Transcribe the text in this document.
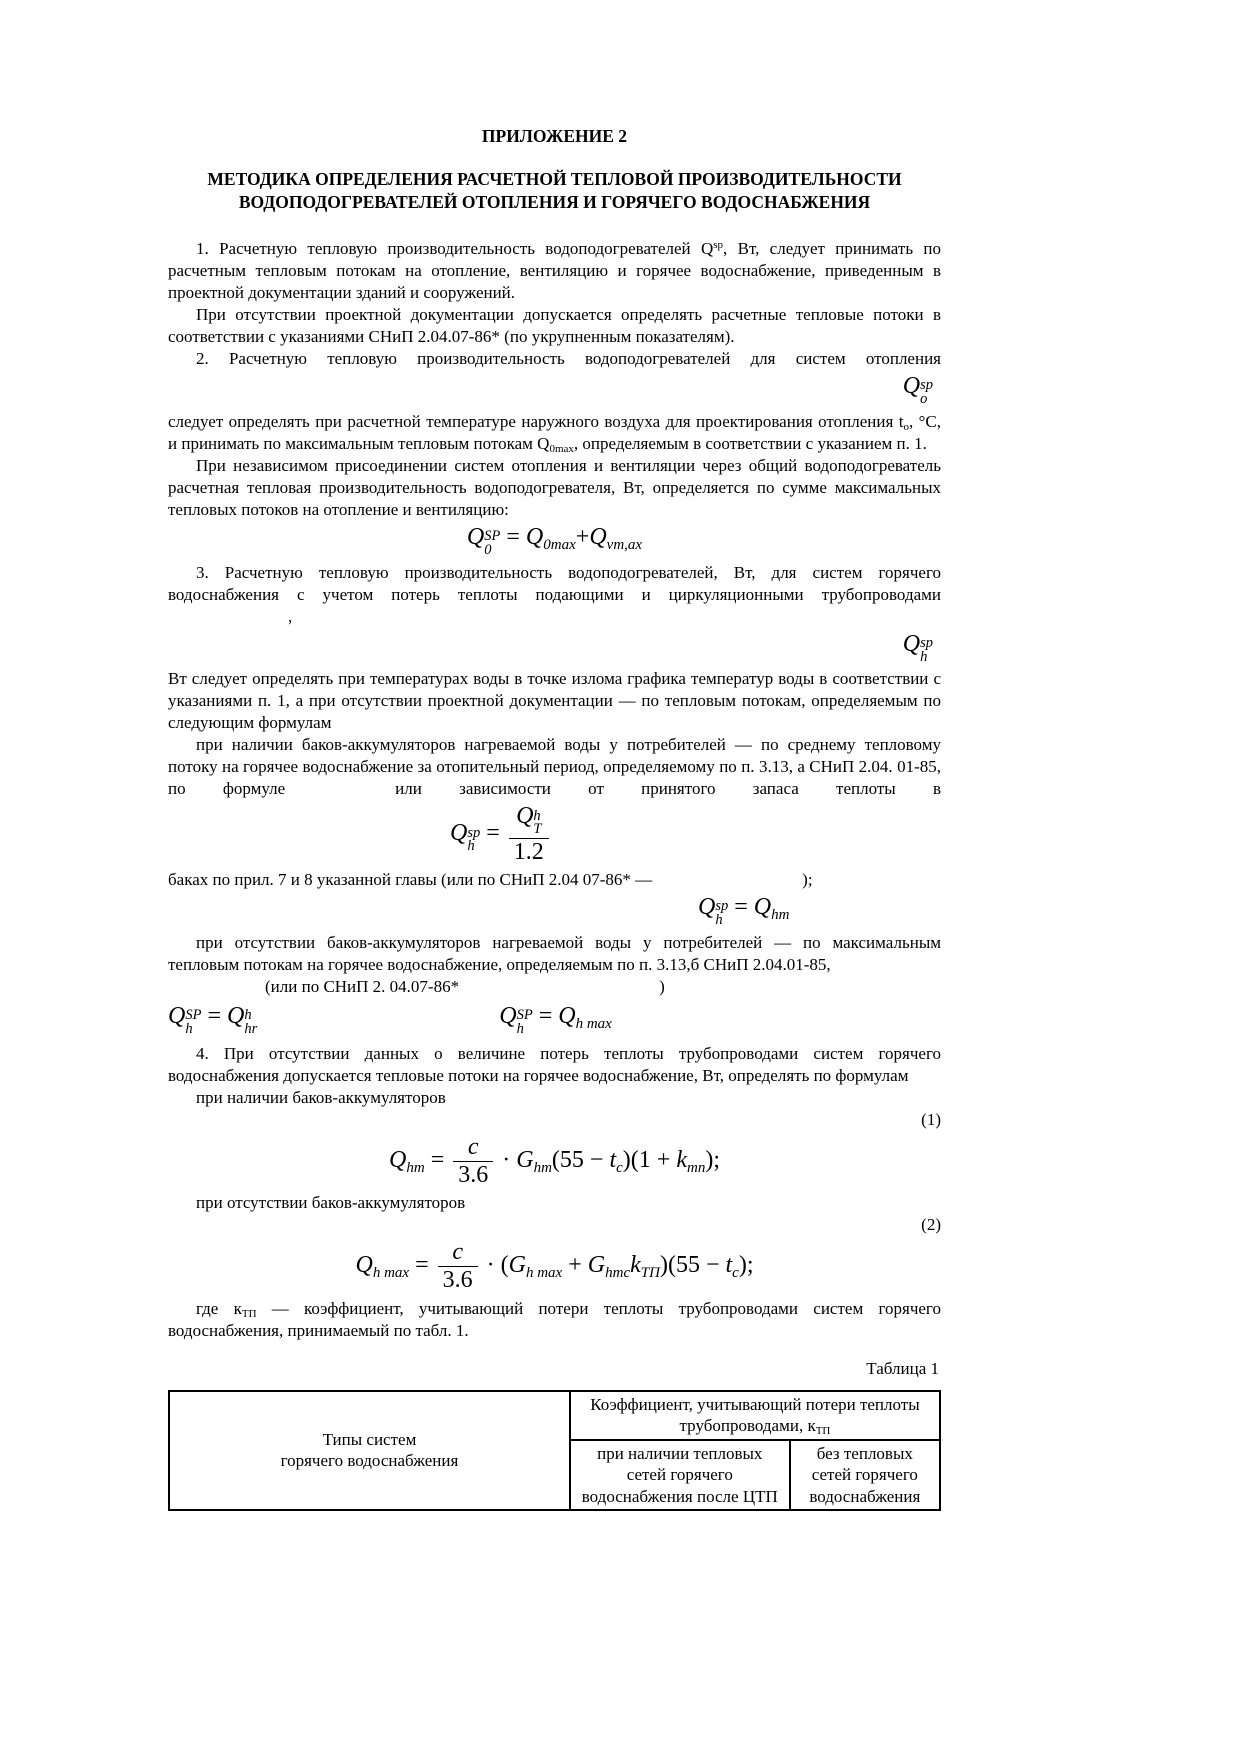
ПРИЛОЖЕНИЕ 2
МЕТОДИКА ОПРЕДЕЛЕНИЯ РАСЧЕТНОЙ ТЕПЛОВОЙ ПРОИЗВОДИТЕЛЬНОСТИ
ВОДОПОДОГРЕВАТЕЛЕЙ ОТОПЛЕНИЯ И ГОРЯЧЕГО ВОДОСНАБЖЕНИЯ

1. Расчетную тепловую производительность водоподогревателей $Q^{sp}$, Вт, следует принимать по расчетным тепловым потокам на отопление, вентиляцию и горячее водоснабжение, приведенным в проектной документации зданий и сооружений.

При отсутствии проектной документации допускается определять расчетные тепловые потоки в соответствии с указаниями СНиП 2.04.07-86* (по укрупненным показателям).

2. Расчетную тепловую производительность водоподогревателей для систем отопления

Q sp
o

следует определять при расчетной температуре наружного воздуха для проектирования отопления $t_о$, °С, и принимать по максимальным тепловым потокам $Q_{0max}$, определяемым в соответствии с указанием п. 1.

При независимом присоединении систем отопления и вентиляции через общий водоподогреватель расчетная тепловая производительность водоподогревателя, Вт, определяется по сумме максимальных тепловых потоков на отопление и вентиляцию:

Q SP
$0 = Q_{0max}+Q_{vm,ax}$

3. Расчетную тепловую производительность водоподогревателей, Вт, для систем горячего водоснабжения с учетом потерь теплоты подающими и циркуляционными трубопроводами,

Q sp
h

Вт следует определять при температурах воды в точке излома графика температур воды в соответствии с указаниями п. 1, а при отсутствии проектной документации — по тепловым потокам, определяемым по следующим формулам

при наличии баков-аккумуляторов нагреваемой воды у потребителей — по среднему тепловому потоку на горячее водоснабжение за отопительный период, определяемому по п. 3.13, а СНиП 2.04. 01-85, по формуле	или зависимости от принятого запаса теплоты в

Q sp
h = Q h
T
1.2

баках по прил. 7 и 8 указанной главы (или по СНиП 2.04 07-86* —	);

Q sp
$h = Q_{hm}$

при отсутствии баков-аккумуляторов нагреваемой воды у потребителей — по максимальным тепловым потокам на горячее водоснабжение, определяемым по п. 3.13,б СНиП 2.04.01-85,

(или по СНиП 2. 04.07-86*	)

Q SP
h = Q h
hr	Q SP
$h = Q_{h max}$

4. При отсутствии данных о величине потерь теплоты трубопроводами систем горячего водоснабжения допускается тепловые потоки на горячее водоснабжение, Вт, определять по формулам

при наличии баков-аккумуляторов

(1)
$Q_{hm} = \frac{c}{3.6} \cdot G_{hm}(55 - t_c)(1 + k_{тп})$;

при отсутствии баков-аккумуляторов

(2)
$Q_{h max} = \frac{c}{3.6} \cdot (G_{h max} + G_{hmc}k_{ТП})(55 - t_c)$;

где $к_{ТП}$ — коэффициент, учитывающий потери теплоты трубопроводами систем горячего водоснабжения, принимаемый по табл. 1.

Таблица 1
Типы систем
горячего водоснабжения	Коэффициент, учитывающий потери теплоты трубопроводами, $к_{ТП}$
	при наличии тепловых сетей горячего водоснабжения после ЦТП	без тепловых сетей горячего водоснабжения
